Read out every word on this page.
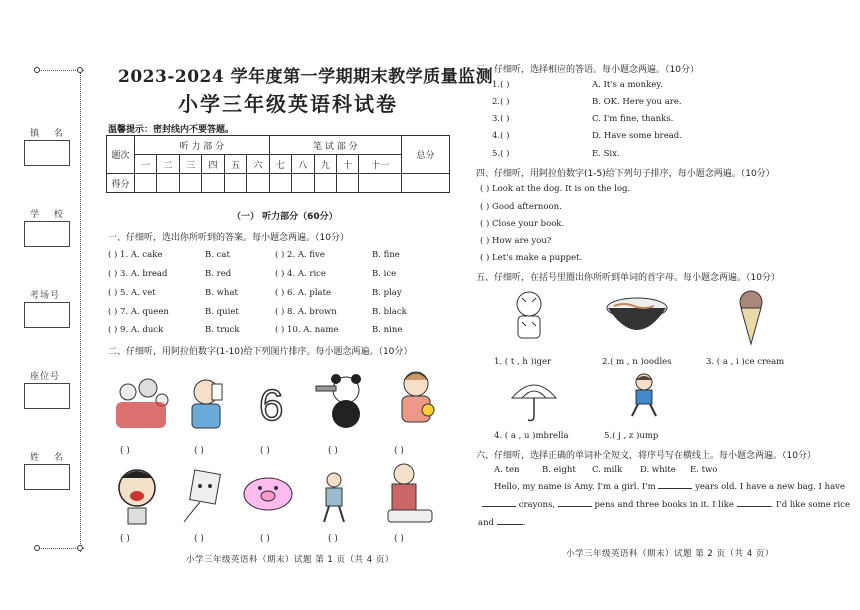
镇 名
学 校
考场号
座位号
姓 名
2023-2024 学年度第一学期期末教学质量监测
小学三年级英语科试卷
温馨提示：密封线内不要答题。
题次	听 力 部 分						笔 试 部 分					总分
	一	二	三	四	五	六	七	八	九	十	十一	
得分												
（一） 听力部分（60分）
一、仔细听，选出你所听到的答案。每小题念两遍。（10分）
( ) 1. A. cake	B. cat	( ) 2. A. five	B. fine
( ) 3. A. bread	B. red	( ) 4. A. rice	B. ice
( ) 5. A. vet	B. what	( ) 6. A. plate	B. play
( ) 7. A. queen	B. quiet	( ) 8. A. brown	B. black
( ) 9. A. duck	B. truck	( ) 10. A. name	B. nine
二、仔细听，用阿拉伯数字(1-10)给下列图片排序。每小题念两遍。（10分）
6
( )	( )	( )	( )	( )
( )	( )	( )	( )	( )
小学三年级英语科（期末）试题 第 1 页（共 4 页）
三、仔细听，选择相应的答语。每小题念两遍。（10分）
1.( )	A. It's a monkey.
2.( )	B. OK. Here you are.
3.( )	C. I'm fine, thanks.
4.( )	D. Have some bread.
5.( )	E. Six.
四、仔细听，用阿拉伯数字(1-5)给下列句子排序，每小题念两遍。（10分）
( ) Look at the dog. It is on the log.
( ) Good afternoon.
( ) Close your book.
( ) How are you?
( ) Let's make a puppet.
五、仔细听，在括号里圈出你所听到单词的首字母。每小题念两遍。（10分）
1. ( t , h )iger	2.( m , n )oodles	3. ( a , i )ce cream
4. ( a , u )mbrella	5.( j , z )ump
六、仔细听，选择正确的单词补全短文，将序号写在横线上。每小题念两遍。（10分）
A. ten	B. eight C. milk D. white E. two
Hello, my name is Amy. I'm a girl. I'm	years old. I have a new bag. I have
crayons,	pens and three books in it. I like	. I'd like some rice
and	.
小学三年级英语科（期末）试题 第 2 页（共 4 页）
